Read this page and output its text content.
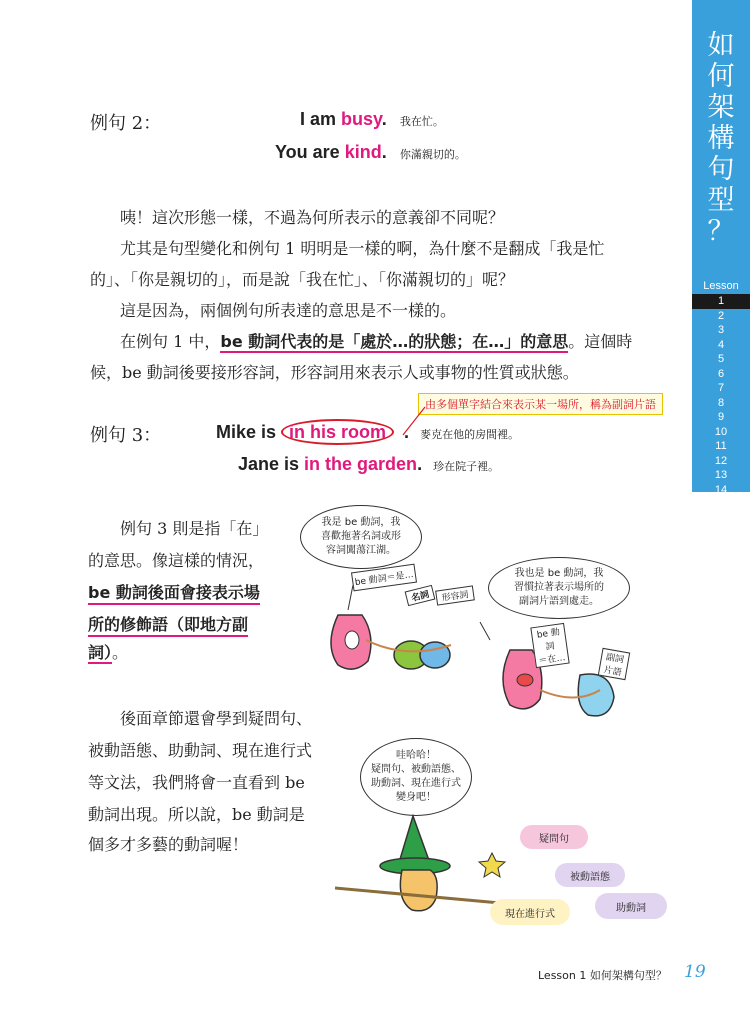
如
何
架
構
句
型
？
Lesson
1
2
3
4
5
6
7
8
9
10
11
12
13
14
例句 2：	I am busy. 我在忙。
You are kind. 你滿親切的。
咦！這次形態一樣，不過為何所表示的意義卻不同呢？
尤其是句型變化和例句 1 明明是一樣的啊，為什麼不是翻成「我是忙
的」、「你是親切的」，而是說「我在忙」、「你滿親切的」呢？
這是因為，兩個例句所表達的意思是不一樣的。
在例句 1 中，be 動詞代表的是「處於…的狀態；在…」的意思。這個時
候，be 動詞後要接形容詞，形容詞用來表示人或事物的性質或狀態。
由多個單字結合來表示某一場所，稱為副詞片語
例句 3：	Mike is in his room . 麥克在他的房間裡。
Jane is in the garden. 珍在院子裡。
例句 3 則是指「在」
的意思。像這樣的情況，
be 動詞後面會接表示場
所的修飾語（即地方副
詞）。
後面章節還會學到疑問句、
被動語態、助動詞、現在進行式
等文法，我們將會一直看到 be
動詞出現。所以說，be 動詞是
個多才多藝的動詞喔！
我是 be 動詞，我
喜歡拖著名詞或形
容詞闖蕩江湖。
be 動詞＝是…
名詞	形容詞
我也是 be 動詞，我
習慣拉著表示場所的
副詞片語到處走。
be 動詞
＝在…	副詞
片語
哇哈哈！
疑問句、被動語態、
助動詞、現在進行式
變身吧！
疑問句
被動語態
現在進行式
助動詞
Lesson 1 如何架構句型？ 19
